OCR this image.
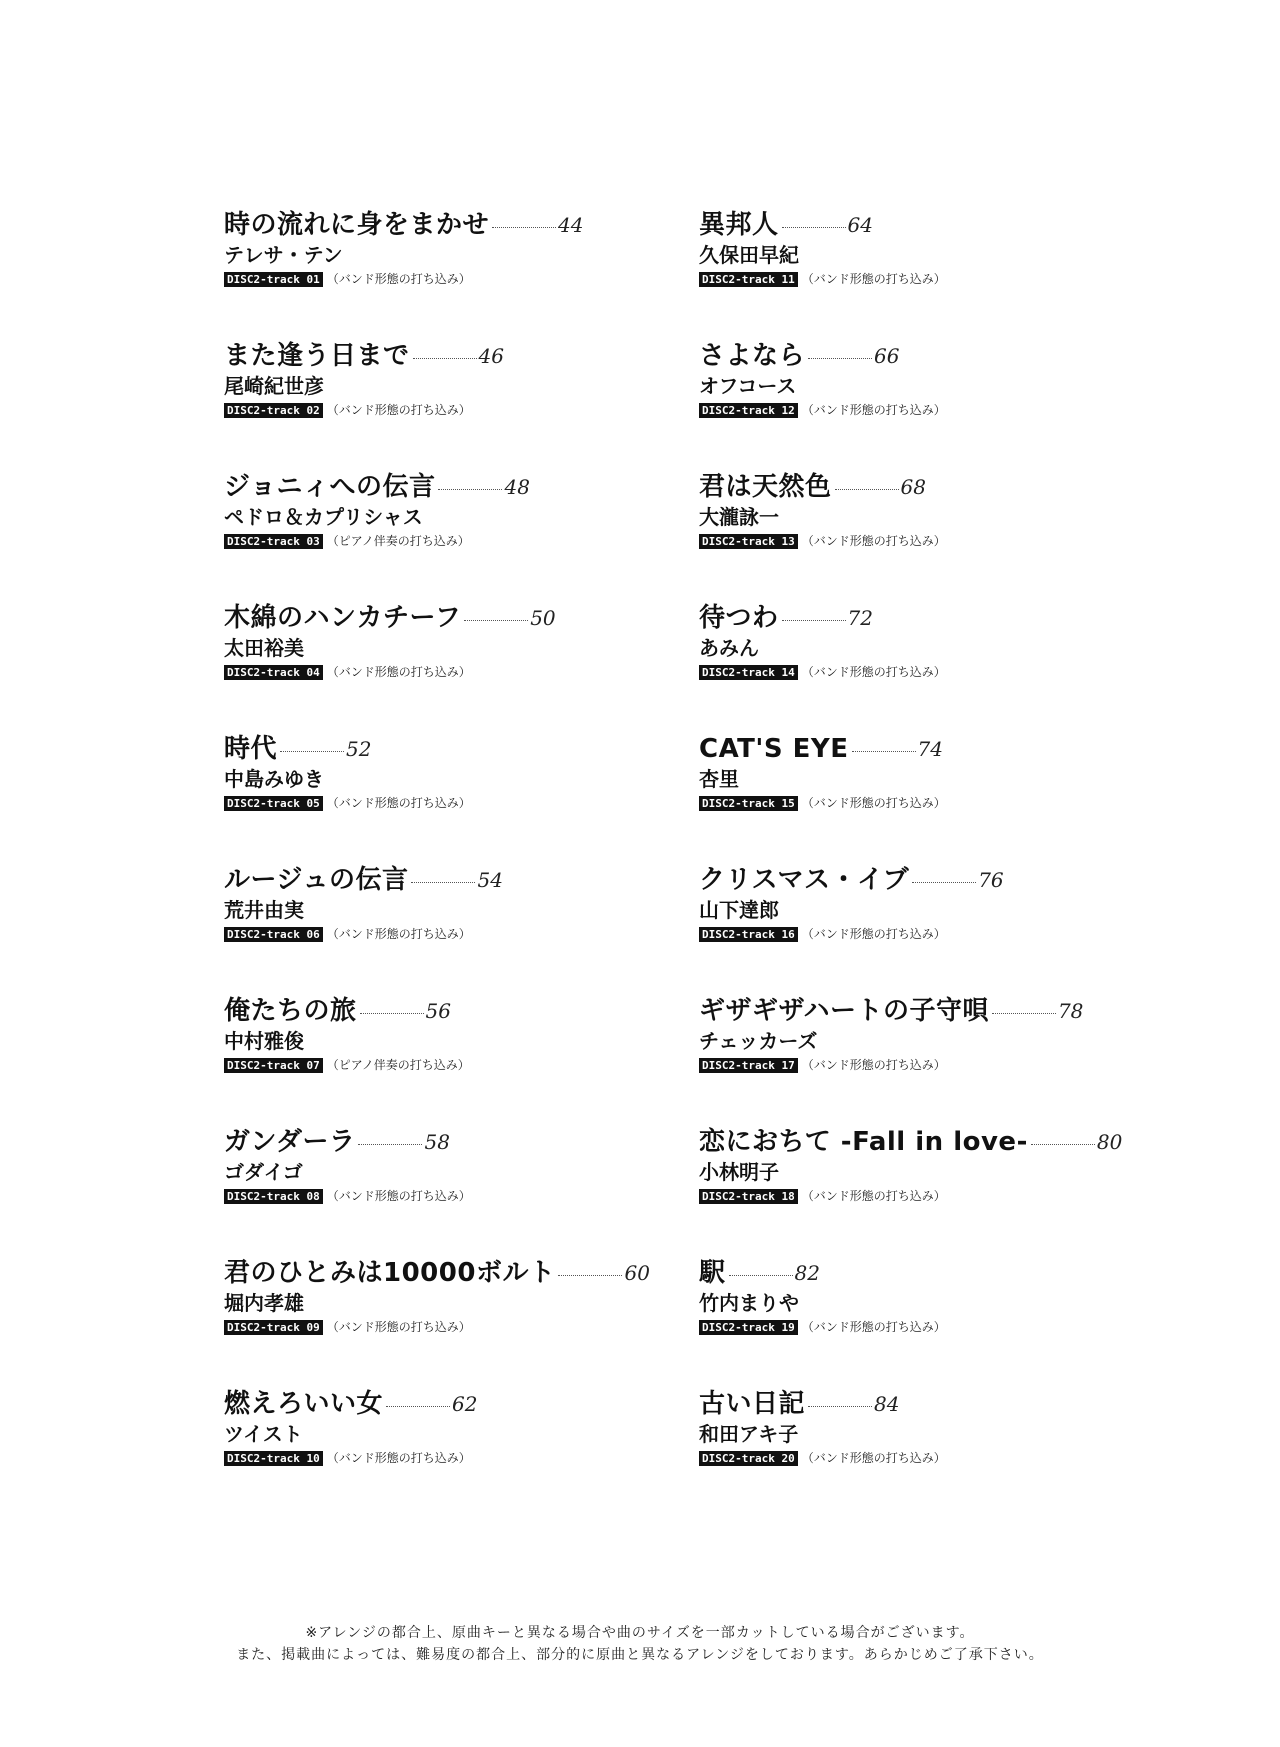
時の流れに身をまかせ	44
テレサ・テン
DISC2-track 01 （バンド形態の打ち込み）
また逢う日まで	46
尾崎紀世彦
DISC2-track 02 （バンド形態の打ち込み）
ジョニィへの伝言	48
ペドロ＆カプリシャス
DISC2-track 03 （ピアノ伴奏の打ち込み）
木綿のハンカチーフ	50
太田裕美
DISC2-track 04 （バンド形態の打ち込み）
時代	52
中島みゆき
DISC2-track 05 （バンド形態の打ち込み）
ルージュの伝言	54
荒井由実
DISC2-track 06 （バンド形態の打ち込み）
俺たちの旅	56
中村雅俊
DISC2-track 07 （ピアノ伴奏の打ち込み）
ガンダーラ	58
ゴダイゴ
DISC2-track 08 （バンド形態の打ち込み）
君のひとみは10000ボルト	60
堀内孝雄
DISC2-track 09 （バンド形態の打ち込み）
燃えろいい女	62
ツイスト
DISC2-track 10 （バンド形態の打ち込み）
異邦人	64
久保田早紀
DISC2-track 11 （バンド形態の打ち込み）
さよなら	66
オフコース
DISC2-track 12 （バンド形態の打ち込み）
君は天然色	68
大瀧詠一
DISC2-track 13 （バンド形態の打ち込み）
待つわ	72
あみん
DISC2-track 14 （バンド形態の打ち込み）
CAT'S EYE	74
杏里
DISC2-track 15 （バンド形態の打ち込み）
クリスマス・イブ	76
山下達郎
DISC2-track 16 （バンド形態の打ち込み）
ギザギザハートの子守唄	78
チェッカーズ
DISC2-track 17 （バンド形態の打ち込み）
恋におちて -Fall in love-	80
小林明子
DISC2-track 18 （バンド形態の打ち込み）
駅	82
竹内まりや
DISC2-track 19 （バンド形態の打ち込み）
古い日記	84
和田アキ子
DISC2-track 20 （バンド形態の打ち込み）
※アレンジの都合上、原曲キーと異なる場合や曲のサイズを一部カットしている場合がございます。
また、掲載曲によっては、難易度の都合上、部分的に原曲と異なるアレンジをしております。あらかじめご了承下さい。
